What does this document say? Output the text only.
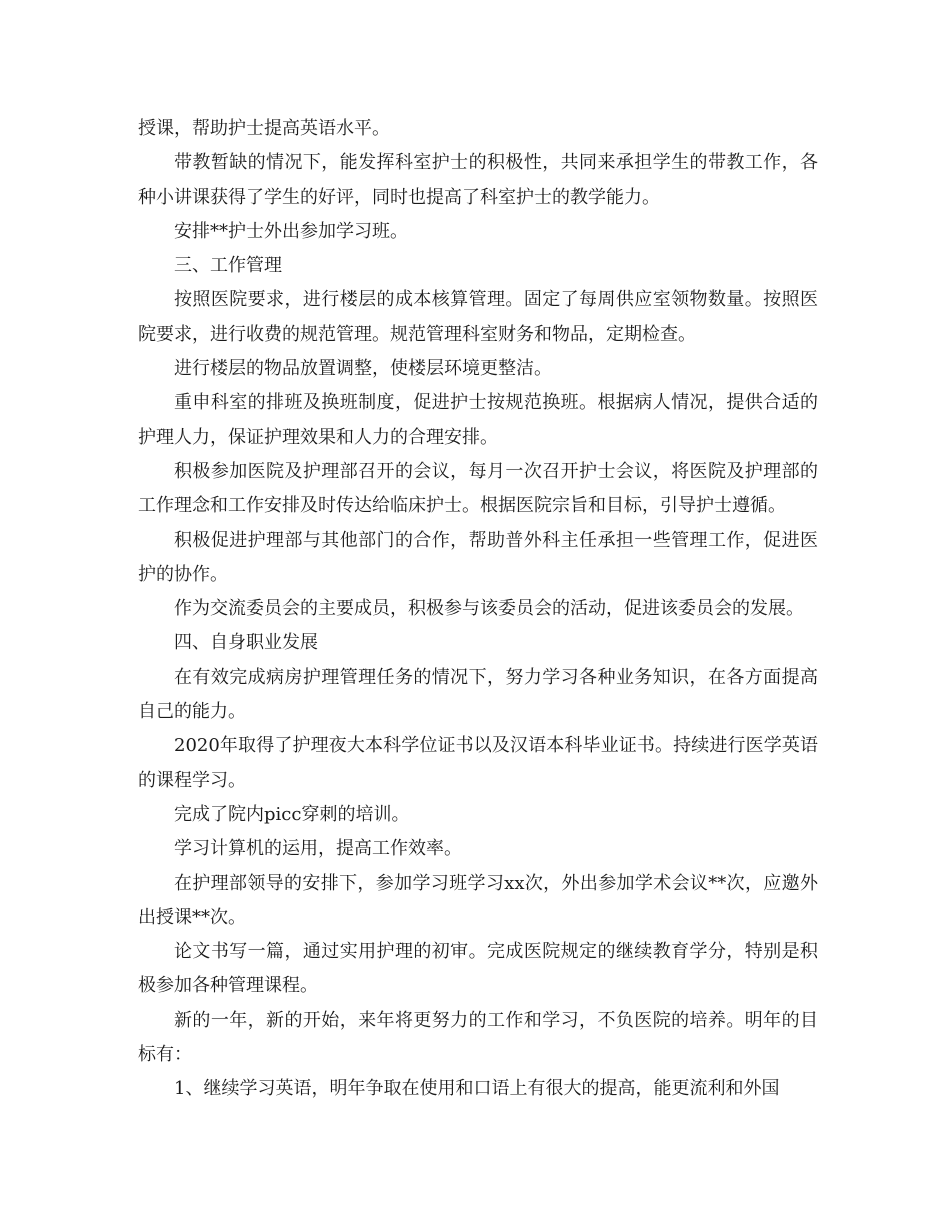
授课，帮助护士提高英语水平。

带教暂缺的情况下，能发挥科室护士的积极性，共同来承担学生的带教工作，各种小讲课获得了学生的好评，同时也提高了科室护士的教学能力。

安排**护士外出参加学习班。

三、工作管理

按照医院要求，进行楼层的成本核算管理。固定了每周供应室领物数量。按照医院要求，进行收费的规范管理。规范管理科室财务和物品，定期检查。

进行楼层的物品放置调整，使楼层环境更整洁。

重申科室的排班及换班制度，促进护士按规范换班。根据病人情况，提供合适的护理人力，保证护理效果和人力的合理安排。

积极参加医院及护理部召开的会议，每月一次召开护士会议，将医院及护理部的工作理念和工作安排及时传达给临床护士。根据医院宗旨和目标，引导护士遵循。

积极促进护理部与其他部门的合作，帮助普外科主任承担一些管理工作，促进医护的协作。

作为交流委员会的主要成员，积极参与该委员会的活动，促进该委员会的发展。

四、自身职业发展

在有效完成病房护理管理任务的情况下，努力学习各种业务知识，在各方面提高自己的能力。

2020年取得了护理夜大本科学位证书以及汉语本科毕业证书。持续进行医学英语的课程学习。

完成了院内picc穿刺的培训。

学习计算机的运用，提高工作效率。

在护理部领导的安排下，参加学习班学习xx次，外出参加学术会议**次，应邀外出授课**次。

论文书写一篇，通过实用护理的初审。完成医院规定的继续教育学分，特别是积极参加各种管理课程。

新的一年，新的开始，来年将更努力的工作和学习，不负医院的培养。明年的目标有：

1、继续学习英语，明年争取在使用和口语上有很大的提高，能更流利和外国
